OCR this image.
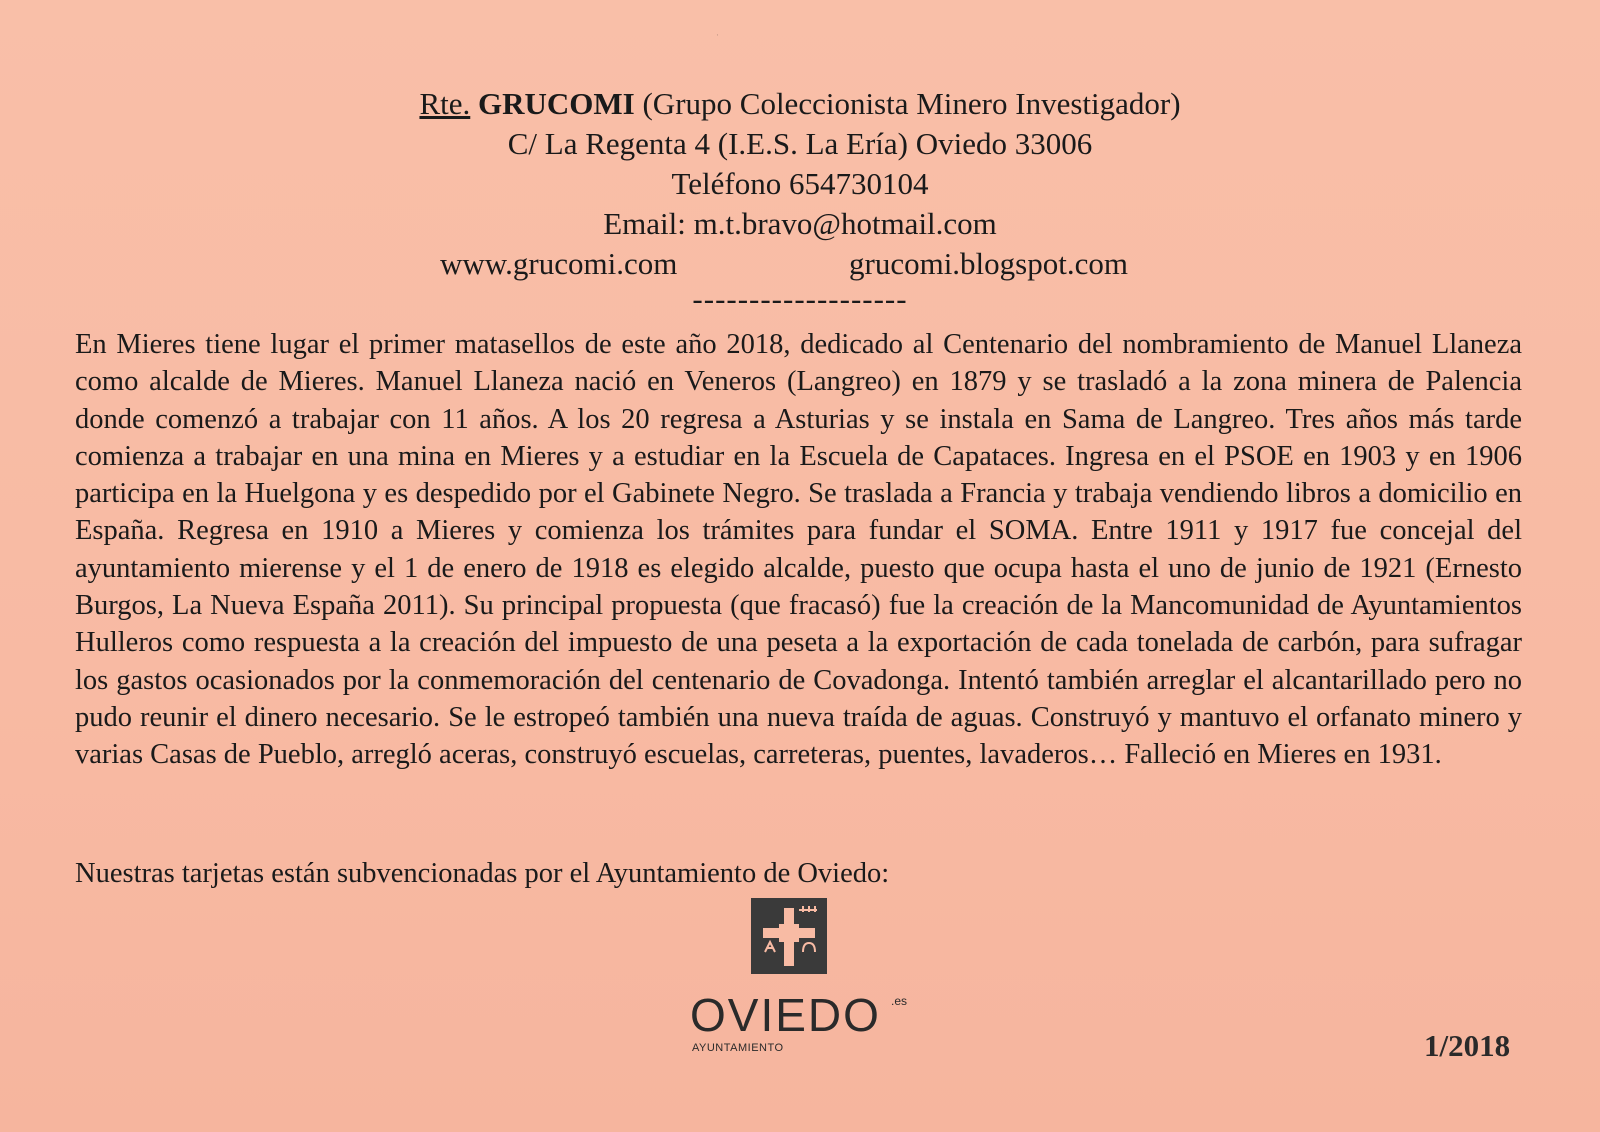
·
Rte. GRUCOMI (Grupo Coleccionista Minero Investigador)
C/ La Regenta 4 (I.E.S. La Ería) Oviedo 33006
Teléfono 654730104
Email: m.t.bravo@hotmail.com
www.grucomi.com	grucomi.blogspot.com
-------------------

En Mieres tiene lugar el primer matasellos de este año 2018, dedicado al Centenario del nombramiento de Manuel Llaneza como alcalde de Mieres. Manuel Llaneza nació en Veneros (Langreo) en 1879 y se trasladó a la zona minera de Palencia donde comenzó a trabajar con 11 años. A los 20 regresa a Asturias y se instala en Sama de Langreo. Tres años más tarde comienza a trabajar en una mina en Mieres y a estudiar en la Escuela de Capataces. Ingresa en el PSOE en 1903 y en 1906 participa en la Huelgona y es despedido por el Gabinete Negro. Se traslada a Francia y trabaja vendiendo libros a domicilio en España. Regresa en 1910 a Mieres y comienza los trámites para fundar el SOMA. Entre 1911 y 1917 fue concejal del ayuntamiento mierense y el 1 de enero de 1918 es elegido alcalde, puesto que ocupa hasta el uno de junio de 1921 (Ernesto Burgos, La Nueva España 2011). Su principal propuesta (que fracasó) fue la creación de la Mancomunidad de Ayuntamientos Hulleros como respuesta a la creación del impuesto de una peseta a la exportación de cada tonelada de carbón, para sufragar los gastos ocasionados por la conmemoración del centenario de Covadonga. Intentó también arreglar el alcantarillado pero no pudo reunir el dinero necesario. Se le estropeó también una nueva traída de aguas. Construyó y mantuvo el orfanato minero y varias Casas de Pueblo, arregló aceras, construyó escuelas, carreteras, puentes, lavaderos… Falleció en Mieres en 1931.

Nuestras tarjetas están subvencionadas por el Ayuntamiento de Oviedo:
OVIEDO .es
AYUNTAMIENTO	1/2018
